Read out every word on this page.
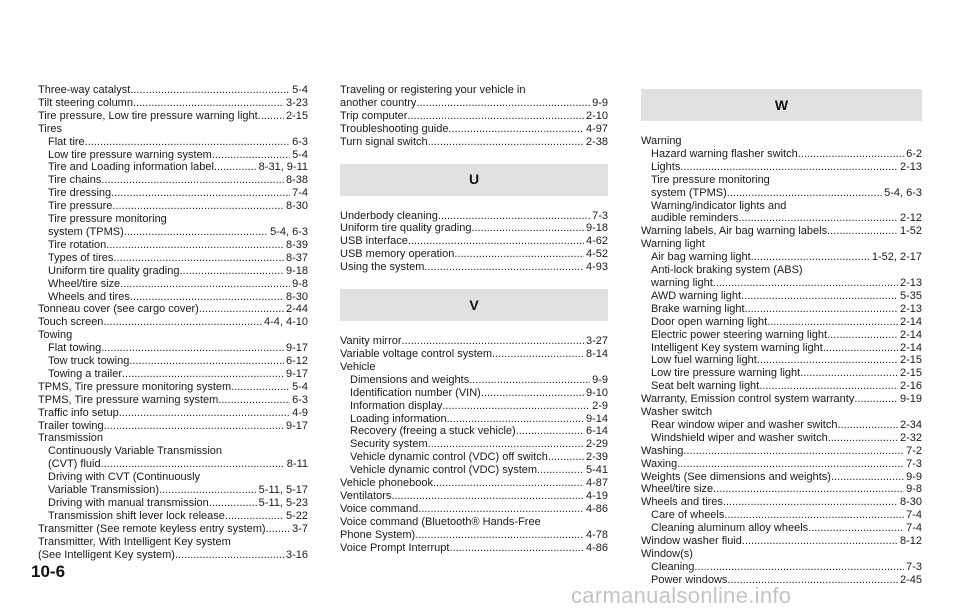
Three-way catalyst .....	5-4
Tilt steering column .....	3-23
Tire pressure, Low tire pressure warning light .....	2-15
Tires
Flat tire .....	6-3
Low tire pressure warning system .....	5-4
Tire and Loading information label .....	8-31, 9-11
Tire chains .....	8-38
Tire dressing .....	7-4
Tire pressure .....	8-30
Tire pressure monitoring
system (TPMS) .....	5-4, 6-3
Tire rotation .....	8-39
Types of tires .....	8-37
Uniform tire quality grading .....	9-18
Wheel/tire size .....	9-8
Wheels and tires .....	8-30
Tonneau cover (see cargo cover) .....	2-44
Touch screen .....	4-4, 4-10
Towing
Flat towing .....	9-17
Tow truck towing .....	6-12
Towing a trailer .....	9-17
TPMS, Tire pressure monitoring system .....	5-4
TPMS, Tire pressure warning system .....	6-3
Traffic info setup .....	4-9
Trailer towing .....	9-17
Transmission
Continuously Variable Transmission
(CVT) fluid .....	8-11
Driving with CVT (Continuously
Variable Transmission) .....	5-11, 5-17
Driving with manual transmission .....	5-11, 5-23
Transmission shift lever lock release .....	5-22
Transmitter (See remote keyless entry system) ..... 3-7
Transmitter, With Intelligent Key system
(See Intelligent Key system) .....	3-16
Traveling or registering your vehicle in
another country .....	9-9
Trip computer .....	2-10
Troubleshooting guide .....	4-97
Turn signal switch .....	2-38
U
Underbody cleaning .....	7-3
Uniform tire quality grading .....	9-18
USB interface .....	4-62
USB memory operation .....	4-52
Using the system .....	4-93
V
Vanity mirror .....	3-27
Variable voltage control system .....	8-14
Vehicle
Dimensions and weights .....	9-9
Identification number (VIN) .....	9-10
Information display .....	2-9
Loading information .....	9-14
Recovery (freeing a stuck vehicle) .....	6-14
Security system .....	2-29
Vehicle dynamic control (VDC) off switch .....	2-39
Vehicle dynamic control (VDC) system .....	5-41
Vehicle phonebook .....	4-87
Ventilators .....	4-19
Voice command .....	4-86
Voice command (Bluetooth® Hands-Free
Phone System) .....	4-78
Voice Prompt Interrupt .....	4-86
W
Warning
Hazard warning flasher switch .....	6-2
Lights .....	2-13
Tire pressure monitoring
system (TPMS) .....	5-4, 6-3
Warning/indicator lights and
audible reminders .....	2-12
Warning labels, Air bag warning labels .....	1-52
Warning light
Air bag warning light .....	1-52, 2-17
Anti-lock braking system (ABS)
warning light .....	2-13
AWD warning light .....	5-35
Brake warning light .....	2-13
Door open warning light .....	2-14
Electric power steering warning light .....	2-14
Intelligent Key system warning light .....	2-14
Low fuel warning light .....	2-15
Low tire pressure warning light .....	2-15
Seat belt warning light .....	2-16
Warranty, Emission control system warranty .....	9-19
Washer switch
Rear window wiper and washer switch .....	2-34
Windshield wiper and washer switch .....	2-32
Washing .....	7-2
Waxing .....	7-3
Weights (See dimensions and weights) .....	9-9
Wheel/tire size .....	9-8
Wheels and tires .....	8-30
Care of wheels .....	7-4
Cleaning aluminum alloy wheels .....	7-4
Window washer fluid .....	8-12
Window(s)
Cleaning .....	7-3
Power windows .....	2-45
10-6
carmanualsonline.info
